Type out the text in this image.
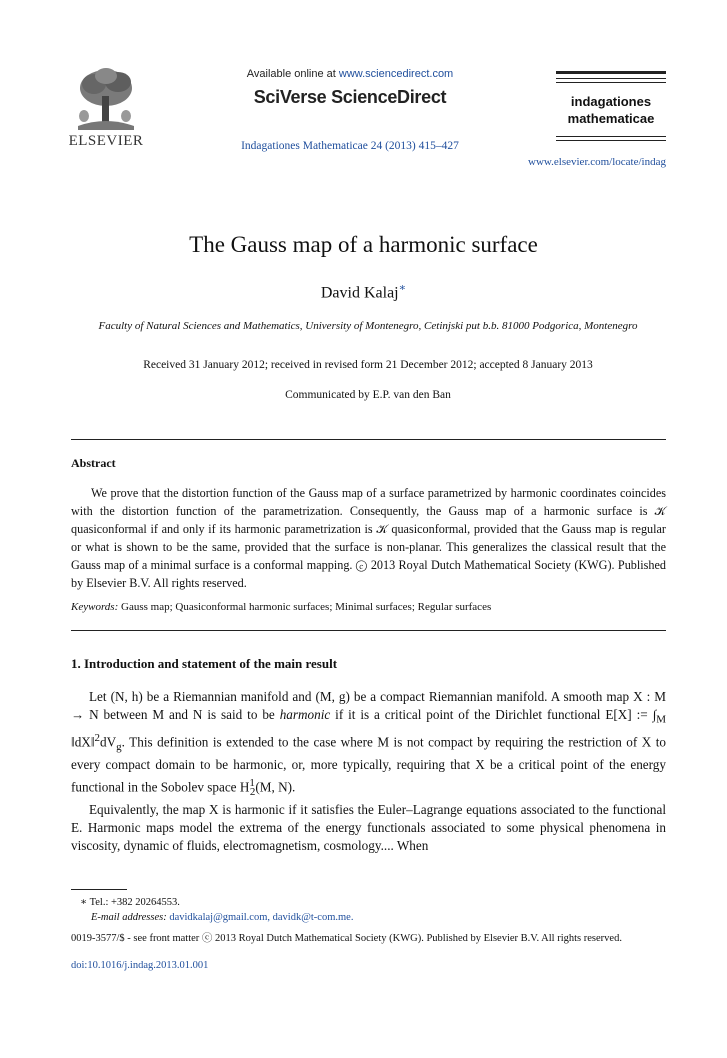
ELSEVIER
Available online at www.sciencedirect.com
SciVerse ScienceDirect
Indagationes Mathematicae 24 (2013) 415–427
indagationes
mathematicae
www.elsevier.com/locate/indag
The Gauss map of a harmonic surface
David Kalaj∗
Faculty of Natural Sciences and Mathematics, University of Montenegro, Cetinjski put b.b. 81000 Podgorica, Montenegro
Received 31 January 2012; received in revised form 21 December 2012; accepted 8 January 2013
Communicated by E.P. van den Ban
Abstract
We prove that the distortion function of the Gauss map of a surface parametrized by harmonic coordinates coincides with the distortion function of the parametrization. Consequently, the Gauss map of a harmonic surface is 𝒦 quasiconformal if and only if its harmonic parametrization is 𝒦 quasiconformal, provided that the Gauss map is regular or what is shown to be the same, provided that the surface is non-planar. This generalizes the classical result that the Gauss map of a minimal surface is a conformal mapping. ⓒ 2013 Royal Dutch Mathematical Society (KWG). Published by Elsevier B.V. All rights reserved.
Keywords: Gauss map; Quasiconformal harmonic surfaces; Minimal surfaces; Regular surfaces
1. Introduction and statement of the main result

Let (N, h) be a Riemannian manifold and (M, g) be a compact Riemannian manifold. A smooth map X : M → N between M and N is said to be harmonic if it is a critical point of the Dirichlet functional E[X] := $\int_M$ $‖dX‖^2dV_g$. This definition is extended to the case where M is not compact by requiring the restriction of X to every compact domain to be harmonic, or, more typically, requiring that X be a critical point of the energy functional in the Sobolev space $H^1_2(M$, N).

Equivalently, the map X is harmonic if it satisfies the Euler–Lagrange equations associated to the functional E. Harmonic maps model the extrema of the energy functionals associated to some physical phenomena in viscosity, dynamic of fluids, electromagnetism, cosmology.... When

∗ Tel.: +382 20264553.
E-mail addresses: davidkalaj@gmail.com, davidk@t-com.me.
0019-3577/$ - see front matter ⓒ 2013 Royal Dutch Mathematical Society (KWG). Published by Elsevier B.V. All rights reserved.
doi:10.1016/j.indag.2013.01.001
